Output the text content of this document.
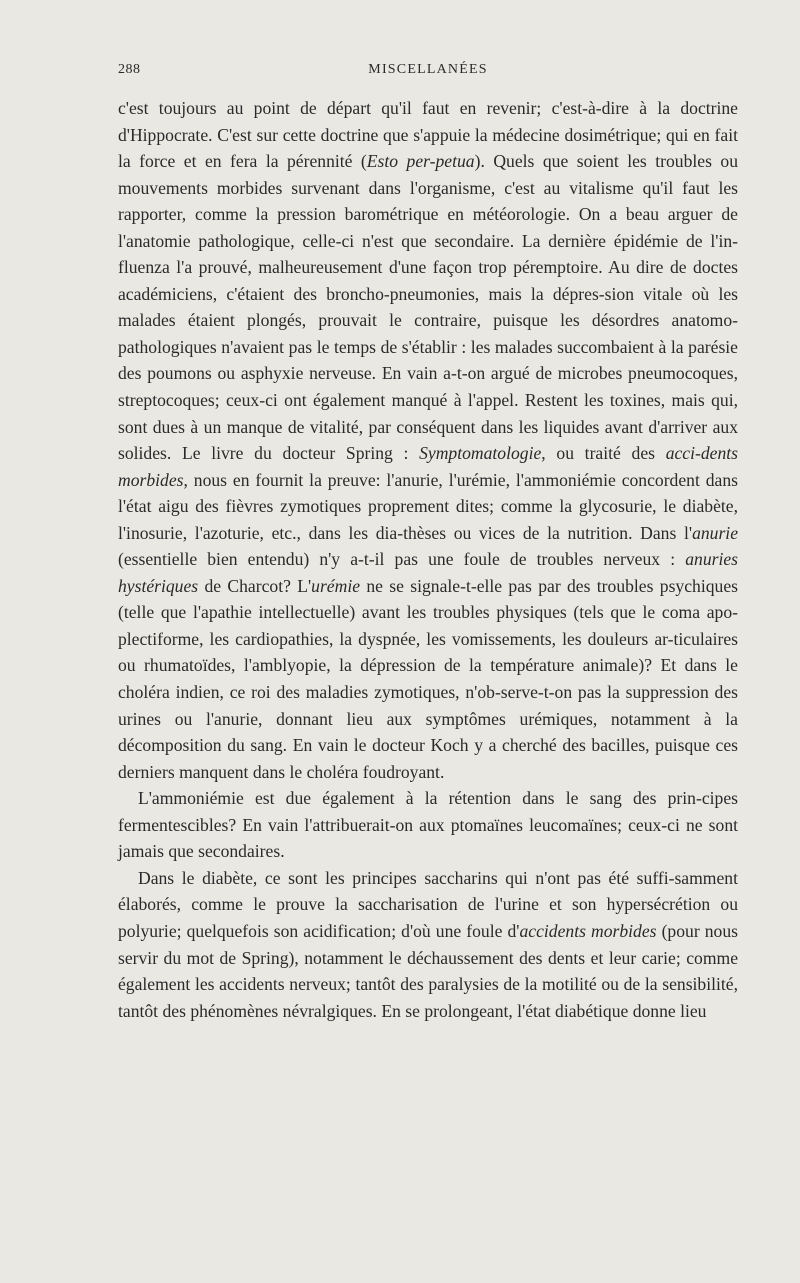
288	MISCELLANÉES

c'est toujours au point de départ qu'il faut en revenir; c'est-à-dire à la doctrine d'Hippocrate. C'est sur cette doctrine que s'appuie la médecine dosimétrique; qui en fait la force et en fera la pérennité (Esto per-petua). Quels que soient les troubles ou mouvements morbides survenant dans l'organisme, c'est au vitalisme qu'il faut les rapporter, comme la pression barométrique en météorologie. On a beau arguer de l'anatomie pathologique, celle-ci n'est que secondaire. La dernière épidémie de l'in-fluenza l'a prouvé, malheureusement d'une façon trop péremptoire. Au dire de doctes académiciens, c'étaient des broncho-pneumonies, mais la dépres-sion vitale où les malades étaient plongés, prouvait le contraire, puisque les désordres anatomo-pathologiques n'avaient pas le temps de s'établir : les malades succombaient à la parésie des poumons ou asphyxie nerveuse. En vain a-t-on argué de microbes pneumocoques, streptocoques; ceux-ci ont également manqué à l'appel. Restent les toxines, mais qui, sont dues à un manque de vitalité, par conséquent dans les liquides avant d'arriver aux solides. Le livre du docteur Spring : Symptomatologie, ou traité des acci-dents morbides, nous en fournit la preuve: l'anurie, l'urémie, l'ammoniémie concordent dans l'état aigu des fièvres zymotiques proprement dites; comme la glycosurie, le diabète, l'inosurie, l'azoturie, etc., dans les dia-thèses ou vices de la nutrition. Dans l'anurie (essentielle bien entendu) n'y a-t-il pas une foule de troubles nerveux : anuries hystériques de Charcot? L'urémie ne se signale-t-elle pas par des troubles psychiques (telle que l'apathie intellectuelle) avant les troubles physiques (tels que le coma apo-plectiforme, les cardiopathies, la dyspnée, les vomissements, les douleurs ar-ticulaires ou rhumatoïdes, l'amblyopie, la dépression de la température animale)? Et dans le choléra indien, ce roi des maladies zymotiques, n'ob-serve-t-on pas la suppression des urines ou l'anurie, donnant lieu aux symptômes urémiques, notamment à la décomposition du sang. En vain le docteur Koch y a cherché des bacilles, puisque ces derniers manquent dans le choléra foudroyant.

L'ammoniémie est due également à la rétention dans le sang des prin-cipes fermentescibles? En vain l'attribuerait-on aux ptomaïnes leucomaïnes; ceux-ci ne sont jamais que secondaires.

Dans le diabète, ce sont les principes saccharins qui n'ont pas été suffi-samment élaborés, comme le prouve la saccharisation de l'urine et son hypersécrétion ou polyurie; quelquefois son acidification; d'où une foule d'accidents morbides (pour nous servir du mot de Spring), notamment le déchaussement des dents et leur carie; comme également les accidents nerveux; tantôt des paralysies de la motilité ou de la sensibilité, tantôt des phénomènes névralgiques. En se prolongeant, l'état diabétique donne lieu
